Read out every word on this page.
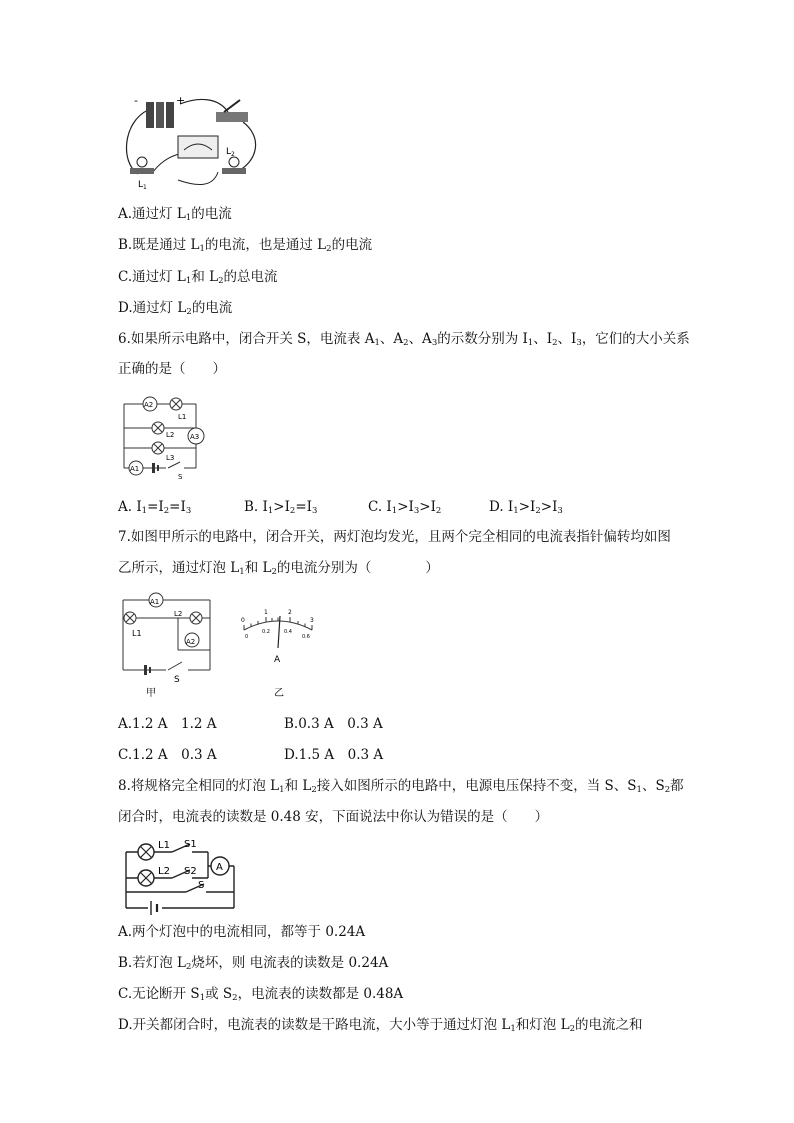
-	+
$L_1$
$L_2$
A.通过灯 $L_1$的电流
B.既是通过 $L_1$的电流，也是通过 $L_2$的电流
C.通过灯 $L_1$和 $L_2$的总电流
D.通过灯 $L_2$的电流
6.如果所示电路中，闭合开关 S，电流表 $A_1$、$A_2$、$A_3$的示数分别为 $I_1$、$I_2$、$I_3$，它们的大小关系
正确的是（　　）
A2
L1
L2 A3
L3
A1
S
A. $I_1=I_2=I_3$	B. $I_1>I_2=I_3$	C. $I_1>I_3>I_2$	D. $I_1>I_2>I_3$
7.如图甲所示的电路中，闭合开关，两灯泡均发光，且两个完全相同的电流表指针偏转均如图
乙所示，通过灯泡 $L_1$和 $L_2$的电流分别为（　　　　）
A1
L1
L2
A2
S
甲
0
1	2
3
0
0.2	0.4
0.6
A
乙
A.1.2 A　1.2 A	B.0.3 A　0.3 A
C.1.2 A　0.3 A	D.1.5 A　0.3 A
8.将规格完全相同的灯泡 $L_1$和 $L_2$接入如图所示的电路中，电源电压保持不变，当 S、$S_1$、$S_2$都
闭合时，电流表的读数是 0.48 安，下面说法中你认为错误的是（　　）
L1 S1
L2 S2 A
S
A.两个灯泡中的电流相同，都等于 0.24A
B.若灯泡 $L_2$烧坏，则 电流表的读数是 0.24A
C.无论断开 $S_1$或 $S_2$，电流表的读数都是 0.48A
D.开关都闭合时，电流表的读数是干路电流，大小等于通过灯泡 $L_1$和灯泡 $L_2$的电流之和
